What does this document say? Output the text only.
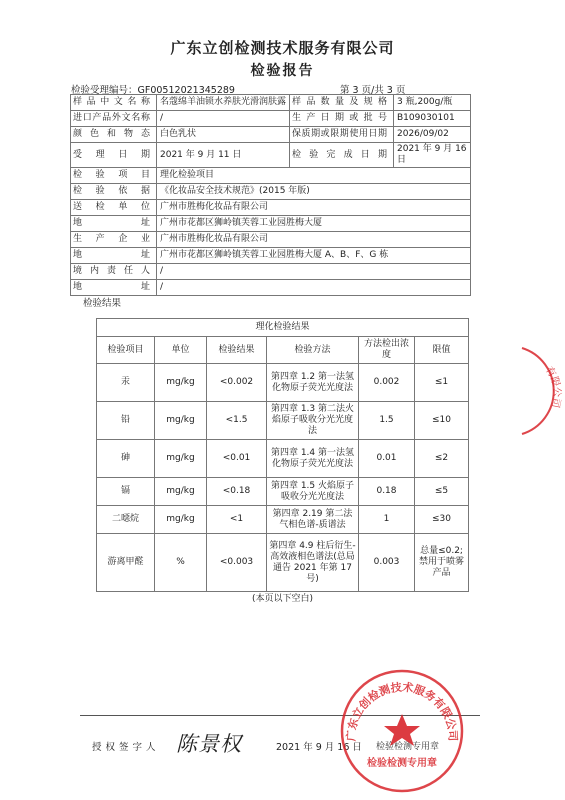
广东立创检测技术服务有限公司
检验报告
检验受理编号：GF00512021345289	第 3 页/共 3 页
样品中文名称	名蔻绵羊油锁水养肤光滑润肤露	样品数量及规格	3 瓶,200g/瓶
进口产品外文名称	/	生产日期或批号	B109030101
颜色和物态	白色乳状	保质期或限期使用日期	2026/09/02
受理日期	2021 年 9 月 11 日	检验完成日期	2021 年 9 月 16 日
检验项目	理化检验项目		
检验依据	《化妆品安全技术规范》(2015 年版)		
送检单位	广州市胜梅化妆品有限公司		
地址	广州市花都区狮岭镇芙蓉工业园胜梅大厦		
生产企业	广州市胜梅化妆品有限公司		
地址	广州市花都区狮岭镇芙蓉工业园胜梅大厦 A、B、F、G 栋		
境内责任人	/		
地址	/		
检验结果
理化检验结果					
检验项目	单位	检验结果	检验方法	方法检出浓度	限值
汞	mg/kg	<0.002	第四章 1.2 第一法氢化物原子荧光光度法	0.002	≤1
铅	mg/kg	<1.5	第四章 1.3 第二法火焰原子吸收分光光度法	1.5	≤10
砷	mg/kg	<0.01	第四章 1.4 第一法氢化物原子荧光光度法	0.01	≤2
镉	mg/kg	<0.18	第四章 1.5 火焰原子吸收分光光度法	0.18	≤5
二噁烷	mg/kg	<1	第四章 2.19 第二法气相色谱-质谱法	1	≤30
游离甲醛	%	<0.003	第四章 4.9 柱后衍生-高效液相色谱法(总局通告 2021 年第 17 号)	0.003	总量≤0.2; 禁用于喷雾产品
(本页以下空白)
授权签字人 陈景权	2021 年 9 月 16 日 检验检测专用章
广东立创检测技术服务有限公司
检验检测专用章
有限公司
